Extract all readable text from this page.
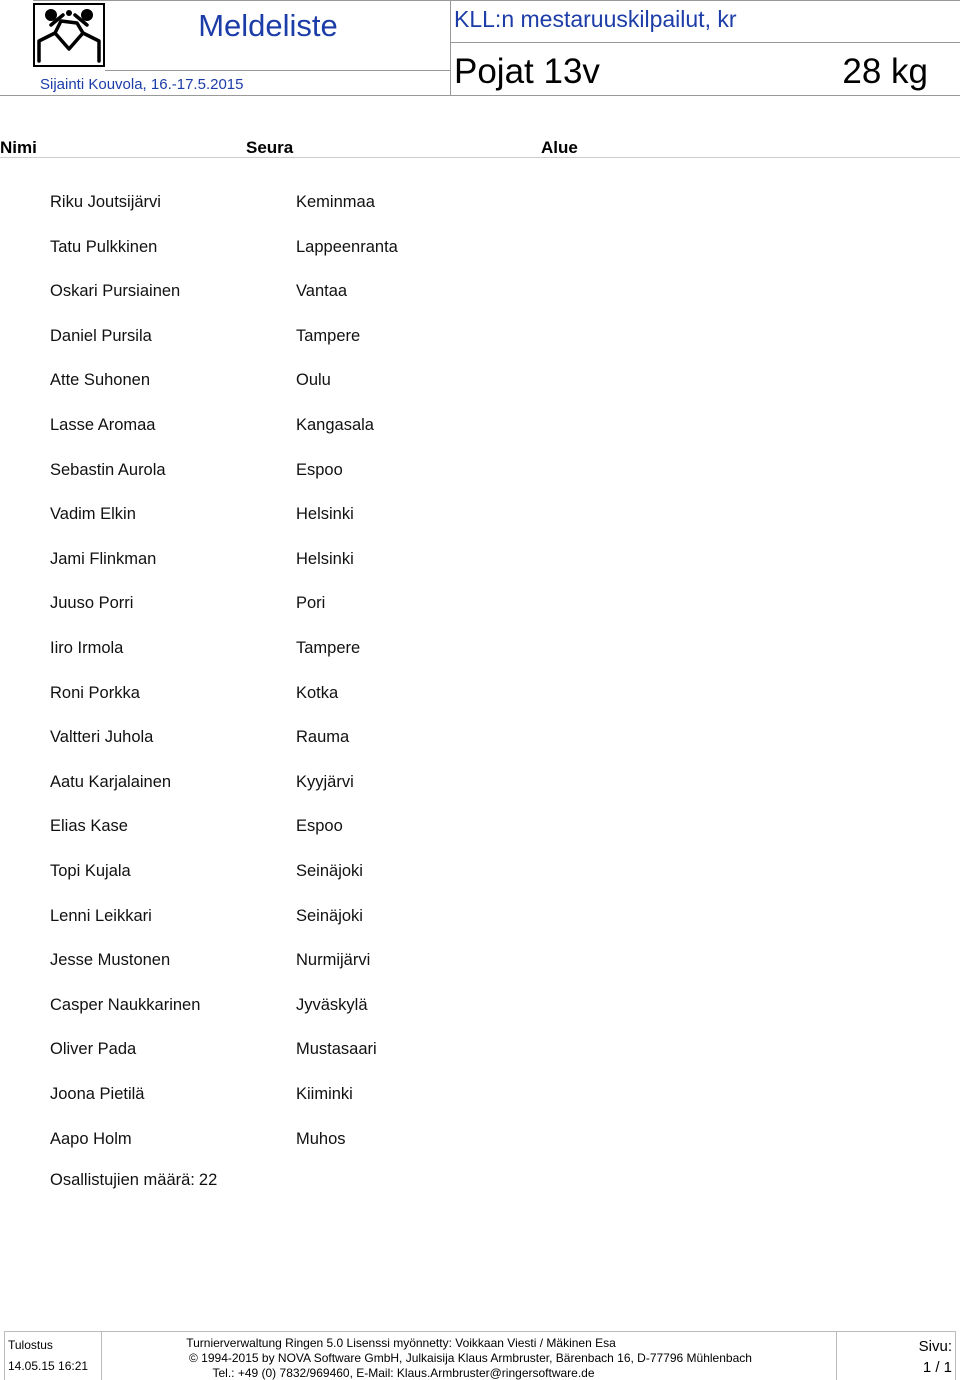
Meldeliste
Sijainti Kouvola, 16.-17.5.2015
KLL:n mestaruuskilpailut, kr
Pojat 13v	28 kg
Nimi	Seura	Alue
Riku Joutsijärvi	Keminmaa
Tatu Pulkkinen	Lappeenranta
Oskari Pursiainen	Vantaa
Daniel Pursila	Tampere
Atte Suhonen	Oulu
Lasse Aromaa	Kangasala
Sebastin Aurola	Espoo
Vadim Elkin	Helsinki
Jami Flinkman	Helsinki
Juuso Porri	Pori
Iiro Irmola	Tampere
Roni Porkka	Kotka
Valtteri Juhola	Rauma
Aatu Karjalainen	Kyyjärvi
Elias Kase	Espoo
Topi Kujala	Seinäjoki
Lenni Leikkari	Seinäjoki
Jesse Mustonen	Nurmijärvi
Casper Naukkarinen	Jyväskylä
Oliver Pada	Mustasaari
Joona Pietilä	Kiiminki
Aapo Holm	Muhos
Osallistujien määrä: 22
Tulostus
14.05.15 16:21
Turnierverwaltung Ringen 5.0 Lisenssi myönnetty: Voikkaan Viesti / Mäkinen Esa
© 1994-2015 by NOVA Software GmbH, Julkaisija Klaus Armbruster, Bärenbach 16, D-77796 Mühlenbach
Tel.: +49 (0) 7832/969460, E-Mail: Klaus.Armbruster@ringersoftware.de
Sivu:
1 / 1
